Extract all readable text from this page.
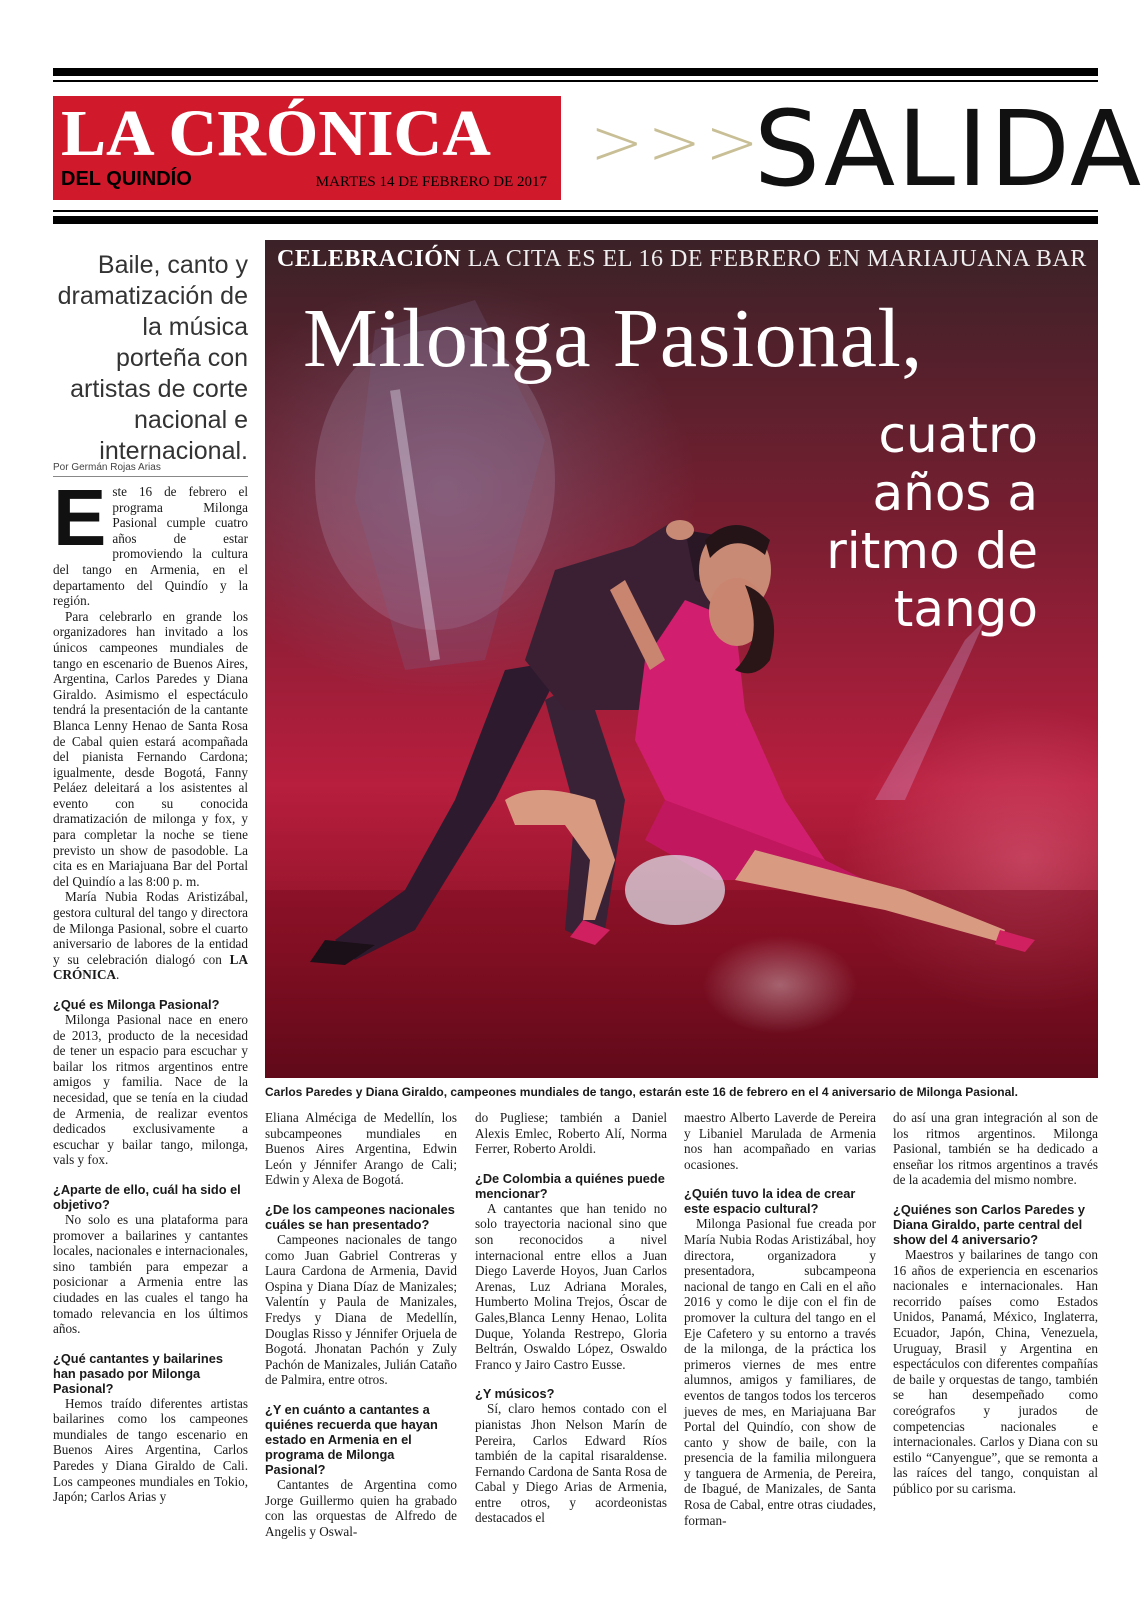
LA CRÓNICA
DEL QUINDÍO	MARTES 14 DE FEBRERO DE 2017
>>>
SALIDA
Baile, canto y dramatización de la música porteña con artistas de corte nacional e internacional.
Por Germán Rojas Arias
CELEBRACIÓN LA CITA ES EL 16 DE FEBRERO EN MARIAJUANA BAR
Milonga Pasional,
cuatro años a ritmo de tango
Carlos Paredes y Diana Giraldo, campeones mundiales de tango, estarán este 16 de febrero en el 4 aniversario de Milonga Pasional.

Este 16 de febrero el programa Milonga Pasional cumple cuatro años de estar promoviendo la cultura del tango en Armenia, en el departamento del Quindío y la región.

Para celebrarlo en grande los organizadores han invitado a los únicos campeones mundiales de tango en escenario de Buenos Aires, Argentina, Carlos Paredes y Diana Giraldo. Asimismo el espectáculo tendrá la presentación de la cantante Blanca Lenny Henao de Santa Rosa de Cabal quien estará acompañada del pianista Fernando Cardona; igualmente, desde Bogotá, Fanny Peláez deleitará a los asistentes al evento con su conocida dramatización de milonga y fox, y para completar la noche se tiene previsto un show de pasodoble. La cita es en Mariajuana Bar del Portal del Quindío a las 8:00 p. m.

María Nubia Rodas Aristizábal, gestora cultural del tango y directora de Milonga Pasional, sobre el cuarto aniversario de labores de la entidad y su celebración dialogó con LA CRÓNICA.

¿Qué es Milonga Pasional?

Milonga Pasional nace en enero de 2013, producto de la necesidad de tener un espacio para escuchar y bailar los ritmos argentinos entre amigos y familia. Nace de la necesidad, que se tenía en la ciudad de Armenia, de realizar eventos dedicados exclusivamente a escuchar y bailar tango, milonga, vals y fox.

¿Aparte de ello, cuál ha sido el objetivo?

No solo es una plataforma para promover a bailarines y cantantes locales, nacionales e internacionales, sino también para empezar a posicionar a Armenia entre las ciudades en las cuales el tango ha tomado relevancia en los últimos años.

¿Qué cantantes y bailarines han pasado por Milonga Pasional?

Hemos traído diferentes artistas bailarines como los campeones mundiales de tango escenario en Buenos Aires Argentina, Carlos Paredes y Diana Giraldo de Cali. Los campeones mundiales en Tokio, Japón; Carlos Arias y

Eliana Alméciga de Medellín, los subcampeones mundiales en Buenos Aires Argentina, Edwin León y Jénnifer Arango de Cali; Edwin y Alexa de Bogotá.

¿De los campeones nacionales cuáles se han presentado?

Campeones nacionales de tango como Juan Gabriel Contreras y Laura Cardona de Armenia, David Ospina y Diana Díaz de Manizales; Valentín y Paula de Manizales, Fredys y Diana de Medellín, Douglas Risso y Jénnifer Orjuela de Bogotá. Jhonatan Pachón y Zuly Pachón de Manizales, Julián Cataño de Palmira, entre otros.

¿Y en cuánto a cantantes a quiénes recuerda que hayan estado en Armenia en el programa de Milonga Pasional?

Cantantes de Argentina como Jorge Guillermo quien ha grabado con las orquestas de Alfredo de Angelis y Oswal-

do Pugliese; también a Daniel Alexis Emlec, Roberto Alí, Norma Ferrer, Roberto Aroldi.

¿De Colombia a quiénes puede mencionar?

A cantantes que han tenido no solo trayectoria nacional sino que son reconocidos a nivel internacional entre ellos a Juan Diego Laverde Hoyos, Juan Carlos Arenas, Luz Adriana Morales, Humberto Molina Trejos, Óscar de Gales,Blanca Lenny Henao, Lolita Duque, Yolanda Restrepo, Gloria Beltrán, Oswaldo López, Oswaldo Franco y Jairo Castro Eusse.

¿Y músicos?

Sí, claro hemos contado con el pianistas Jhon Nelson Marín de Pereira, Carlos Edward Ríos también de la capital risaraldense. Fernando Cardona de Santa Rosa de Cabal y Diego Arias de Armenia, entre otros, y acordeonistas destacados el

maestro Alberto Laverde de Pereira y Libaniel Marulada de Armenia nos han acompañado en varias ocasiones.

¿Quién tuvo la idea de crear este espacio cultural?

Milonga Pasional fue creada por María Nubia Rodas Aristizábal, hoy directora, organizadora y presentadora, subcampeona nacional de tango en Cali en el año 2016 y como le dije con el fin de promover la cultura del tango en el Eje Cafetero y su entorno a través de la milonga, de la práctica los primeros viernes de mes entre alumnos, amigos y familiares, de eventos de tangos todos los terceros jueves de mes, en Mariajuana Bar Portal del Quindío, con show de canto y show de baile, con la presencia de la familia milonguera y tanguera de Armenia, de Pereira, de Ibagué, de Manizales, de Santa Rosa de Cabal, entre otras ciudades, forman-

do así una gran integración al son de los ritmos argentinos. Milonga Pasional, también se ha dedicado a enseñar los ritmos argentinos a través de la academia del mismo nombre.

¿Quiénes son Carlos Paredes y Diana Giraldo, parte central del show del 4 aniversario?

Maestros y bailarines de tango con 16 años de experiencia en escenarios nacionales e internacionales. Han recorrido países como Estados Unidos, Panamá, México, Inglaterra, Ecuador, Japón, China, Venezuela, Uruguay, Brasil y Argentina en espectáculos con diferentes compañías de baile y orquestas de tango, también se han desempeñado como coreógrafos y jurados de competencias nacionales e internacionales. Carlos y Diana con su estilo “Canyengue”, que se remonta a las raíces del tango, conquistan al público por su carisma.
